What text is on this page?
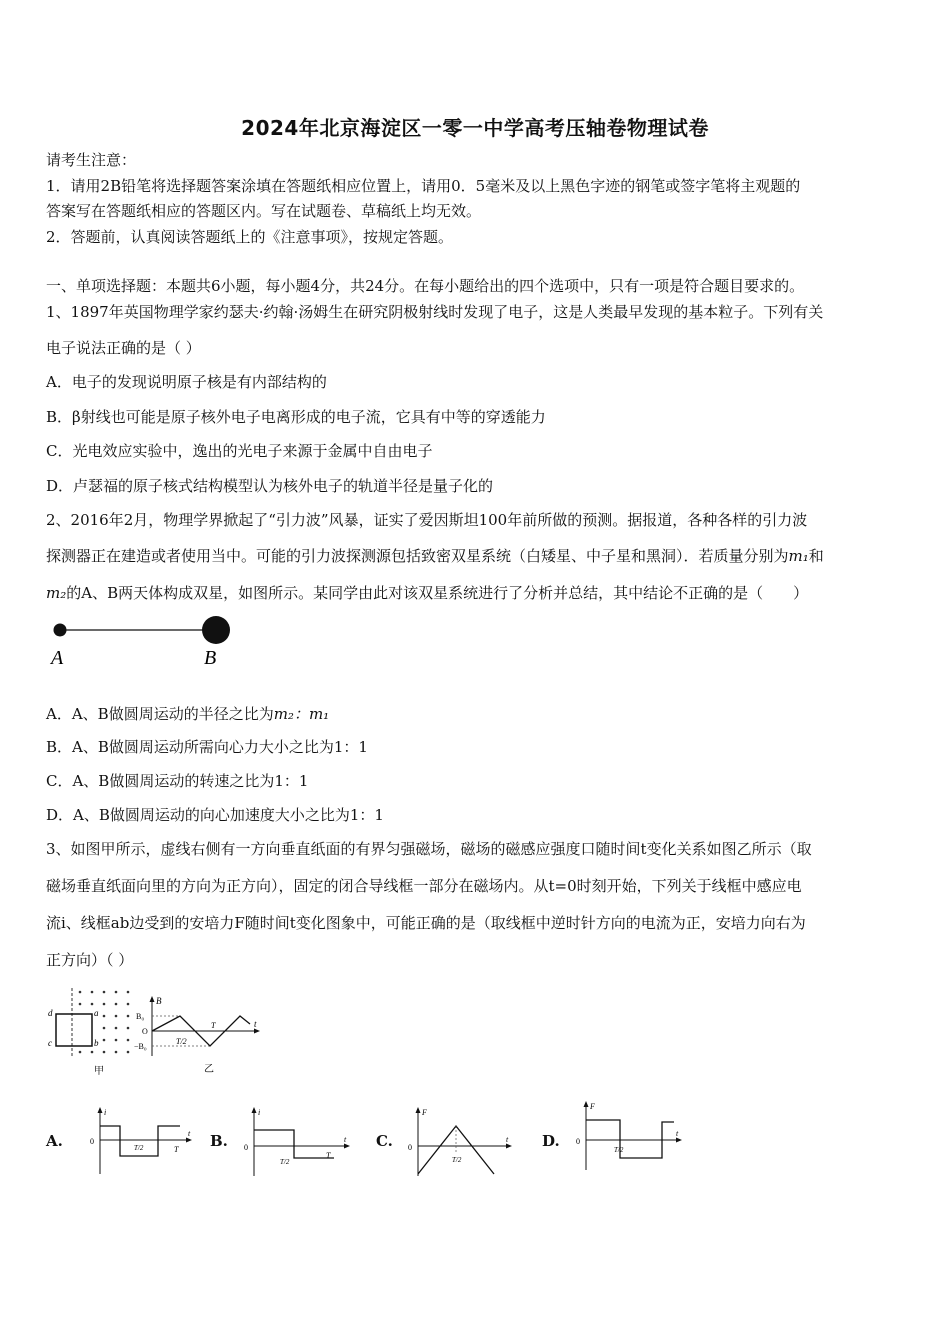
2024年北京海淀区一零一中学高考压轴卷物理试卷
请考生注意：
1．请用2B铅笔将选择题答案涂填在答题纸相应位置上，请用0．5毫米及以上黑色字迹的钢笔或签字笔将主观题的
答案写在答题纸相应的答题区内。写在试题卷、草稿纸上均无效。
2．答题前，认真阅读答题纸上的《注意事项》，按规定答题。
一、单项选择题：本题共6小题，每小题4分，共24分。在每小题给出的四个选项中，只有一项是符合题目要求的。
1、1897年英国物理学家约瑟夫·约翰·汤姆生在研究阴极射线时发现了电子，这是人类最早发现的基本粒子。下列有关
电子说法正确的是（ ）
A．电子的发现说明原子核是有内部结构的
B．β射线也可能是原子核外电子电离形成的电子流，它具有中等的穿透能力
C．光电效应实验中，逸出的光电子来源于金属中自由电子
D．卢瑟福的原子核式结构模型认为核外电子的轨道半径是量子化的
2、2016年2月，物理学界掀起了“引力波”风暴，证实了爱因斯坦100年前所做的预测。据报道，各种各样的引力波
探测器正在建造或者使用当中。可能的引力波探测源包括致密双星系统（白矮星、中子星和黑洞）．若质量分别为m₁和
m₂的A、B两天体构成双星，如图所示。某同学由此对该双星系统进行了分析并总结，其中结论不正确的是（　　）
A	B
A．A、B做圆周运动的半径之比为m₂：m₁
B．A、B做圆周运动所需向心力大小之比为1：1
C．A、B做圆周运动的转速之比为1：1
D．A、B做圆周运动的向心加速度大小之比为1：1
3、如图甲所示，虚线右侧有一方向垂直纸面的有界匀强磁场，磁场的磁感应强度口随时间t变化关系如图乙所示（取
磁场垂直纸面向里的方向为正方向），固定的闭合导线框一部分在磁场内。从t=0时刻开始，下列关于线框中感应电
流i、线框ab边受到的安培力F随时间t变化图象中，可能正确的是（取线框中逆时针方向的电流为正，安培力向右为
正方向）（ ）
d	a
b
c
甲
B
t
B₀
O
−B₀
T/2
T
乙
A.
i
t
0
T/2	T B.
i
t
0
T/2
T
C.
F
t
0
T/2
D.
F
t
0
T/2
